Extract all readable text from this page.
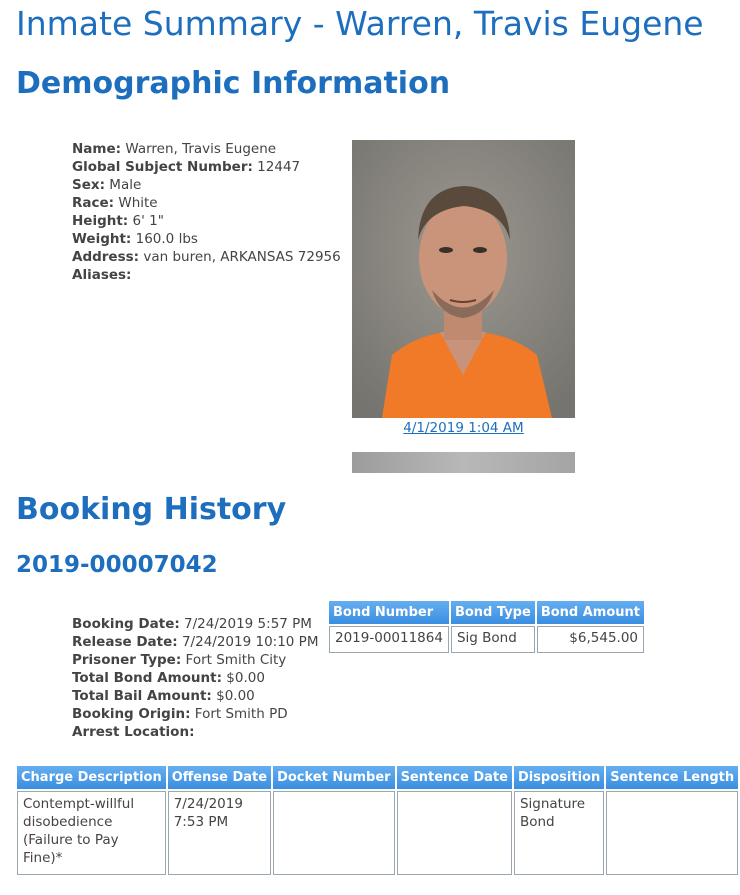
Inmate Summary - Warren, Travis Eugene
Demographic Information
Name: Warren, Travis Eugene
Global Subject Number: 12447
Sex: Male
Race: White
Height: 6' 1"
Weight: 160.0 lbs
Address: van buren, ARKANSAS 72956
Aliases:
4/1/2019 1:04 AM
Booking History
2019-00007042
Booking Date: 7/24/2019 5:57 PM
Release Date: 7/24/2019 10:10 PM
Prisoner Type: Fort Smith City
Total Bond Amount: $0.00
Total Bail Amount: $0.00
Booking Origin: Fort Smith PD
Arrest Location:
Bond Number	Bond Type	Bond Amount
2019-00011864	Sig Bond	$6,545.00
Charge Description	Offense Date	Docket Number	Sentence Date	Disposition	Sentence Length
Contempt-willful disobedience (Failure to Pay Fine)*	7/24/2019 7:53 PM			Signature Bond	
